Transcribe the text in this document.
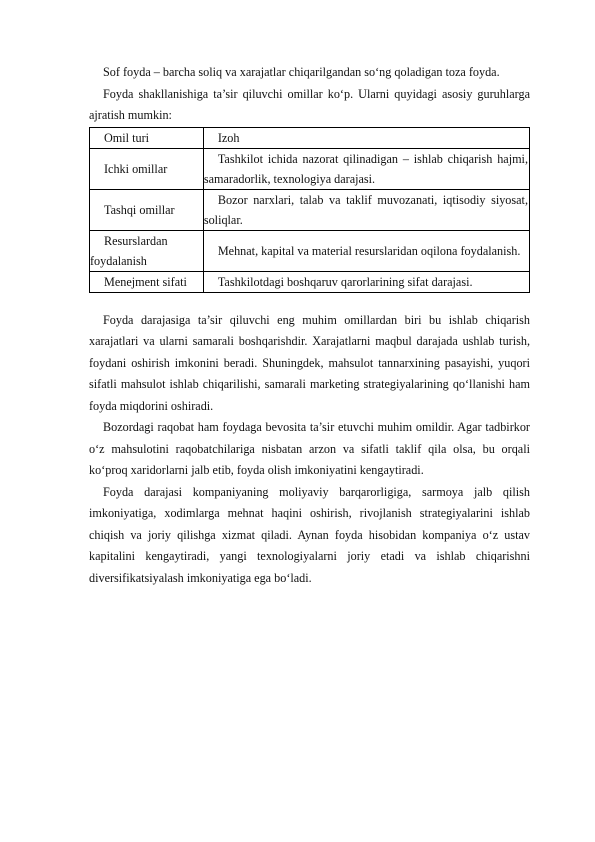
Sof foyda – barcha soliq va xarajatlar chiqarilgandan so‘ng qoladigan toza foyda.

Foyda shakllanishiga ta’sir qiluvchi omillar ko‘p. Ularni quyidagi asosiy guruhlarga ajratish mumkin:

Omil turi	Izoh
Ichki omillar	Tashkilot ichida nazorat qilinadigan – ishlab chiqarish hajmi, samaradorlik, texnologiya darajasi.
Tashqi omillar	Bozor narxlari, talab va taklif muvozanati, iqtisodiy siyosat, soliqlar.
Resurslardan foydalanish	Mehnat, kapital va material resurslaridan oqilona foydalanish.
Menejment sifati	Tashkilotdagi boshqaruv qarorlarining sifat darajasi.

Foyda darajasiga ta’sir qiluvchi eng muhim omillardan biri bu ishlab chiqarish xarajatlari va ularni samarali boshqarishdir. Xarajatlarni maqbul darajada ushlab turish, foydani oshirish imkonini beradi. Shuningdek, mahsulot tannarxining pasayishi, yuqori sifatli mahsulot ishlab chiqarilishi, samarali marketing strategiyalarining qo‘llanishi ham foyda miqdorini oshiradi.

Bozordagi raqobat ham foydaga bevosita ta’sir etuvchi muhim omildir. Agar tadbirkor o‘z mahsulotini raqobatchilariga nisbatan arzon va sifatli taklif qila olsa, bu orqali ko‘proq xaridorlarni jalb etib, foyda olish imkoniyatini kengaytiradi.

Foyda darajasi kompaniyaning moliyaviy barqarorligiga, sarmoya jalb qilish imkoniyatiga, xodimlarga mehnat haqini oshirish, rivojlanish strategiyalarini ishlab chiqish va joriy qilishga xizmat qiladi. Aynan foyda hisobidan kompaniya o‘z ustav kapitalini kengaytiradi, yangi texnologiyalarni joriy etadi va ishlab chiqarishni diversifikatsiyalash imkoniyatiga ega bo‘ladi.
